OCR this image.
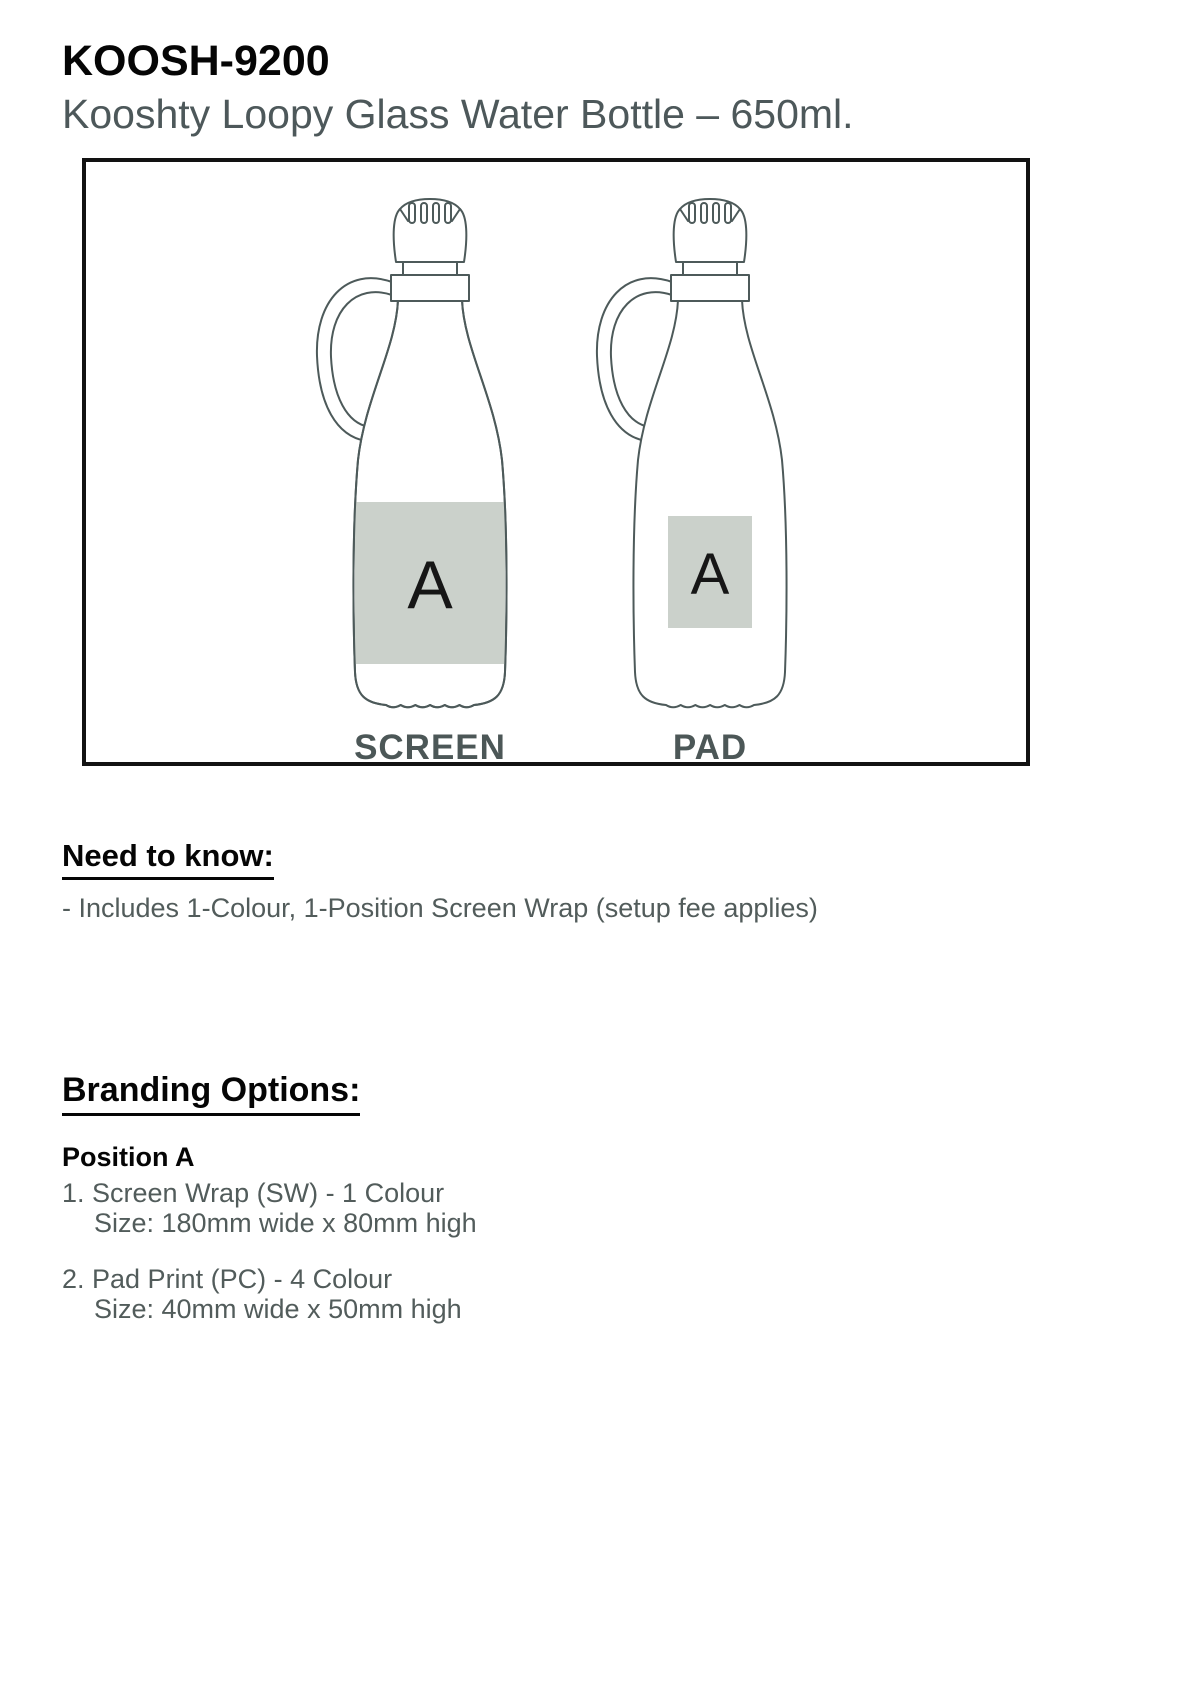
KOOSH-9200
Kooshty Loopy Glass Water Bottle – 650ml.
A
SCREEN
A
PAD
Need to know:

- Includes 1-Colour, 1-Position Screen Wrap (setup fee applies)

Branding Options:
Position A

1. Screen Wrap (SW) - 1 Colour

Size: 180mm wide x 80mm high

2. Pad Print (PC) - 4 Colour

Size: 40mm wide x 50mm high
